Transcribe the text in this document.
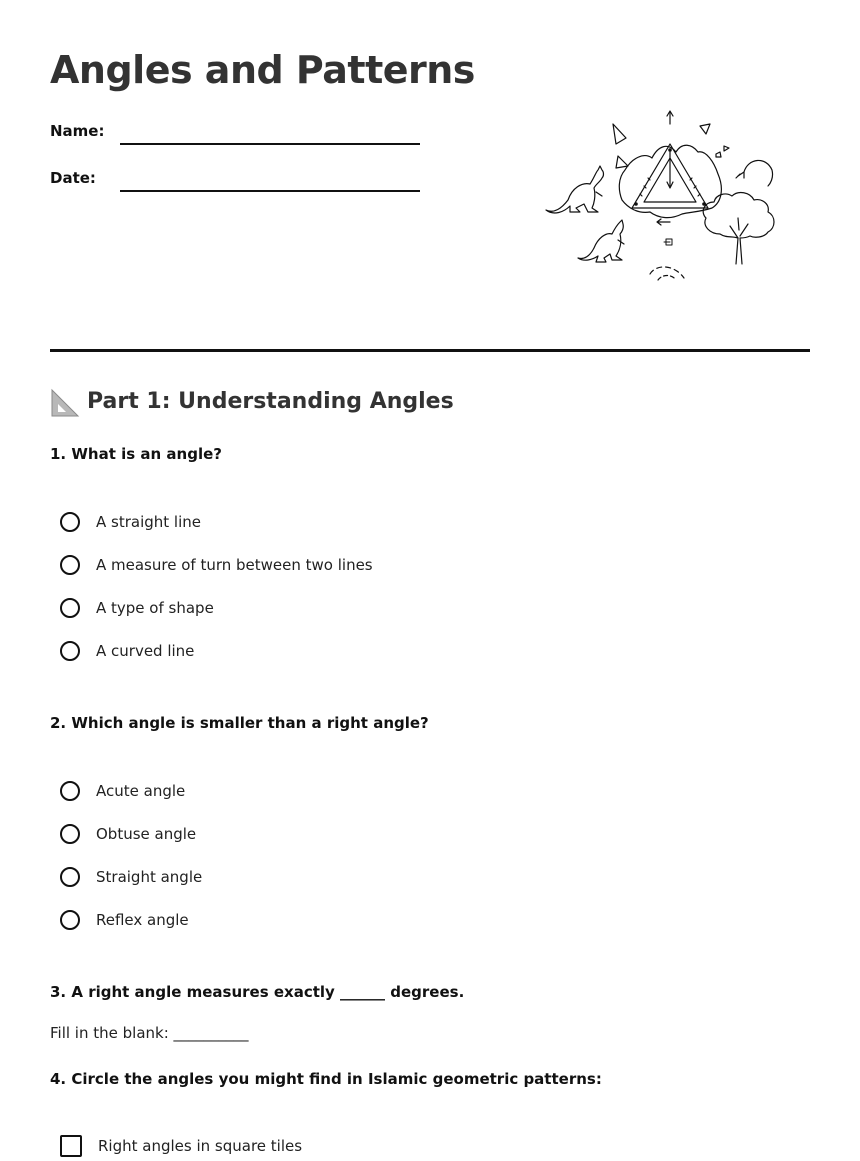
Angles and Patterns
Name:
Date:
Part 1: Understanding Angles
1. What is an angle?
A straight line
A measure of turn between two lines
A type of shape
A curved line
2. Which angle is smaller than a right angle?
Acute angle
Obtuse angle
Straight angle
Reflex angle
3. A right angle measures exactly ______ degrees.
Fill in the blank: __________
4. Circle the angles you might find in Islamic geometric patterns:
Right angles in square tiles
